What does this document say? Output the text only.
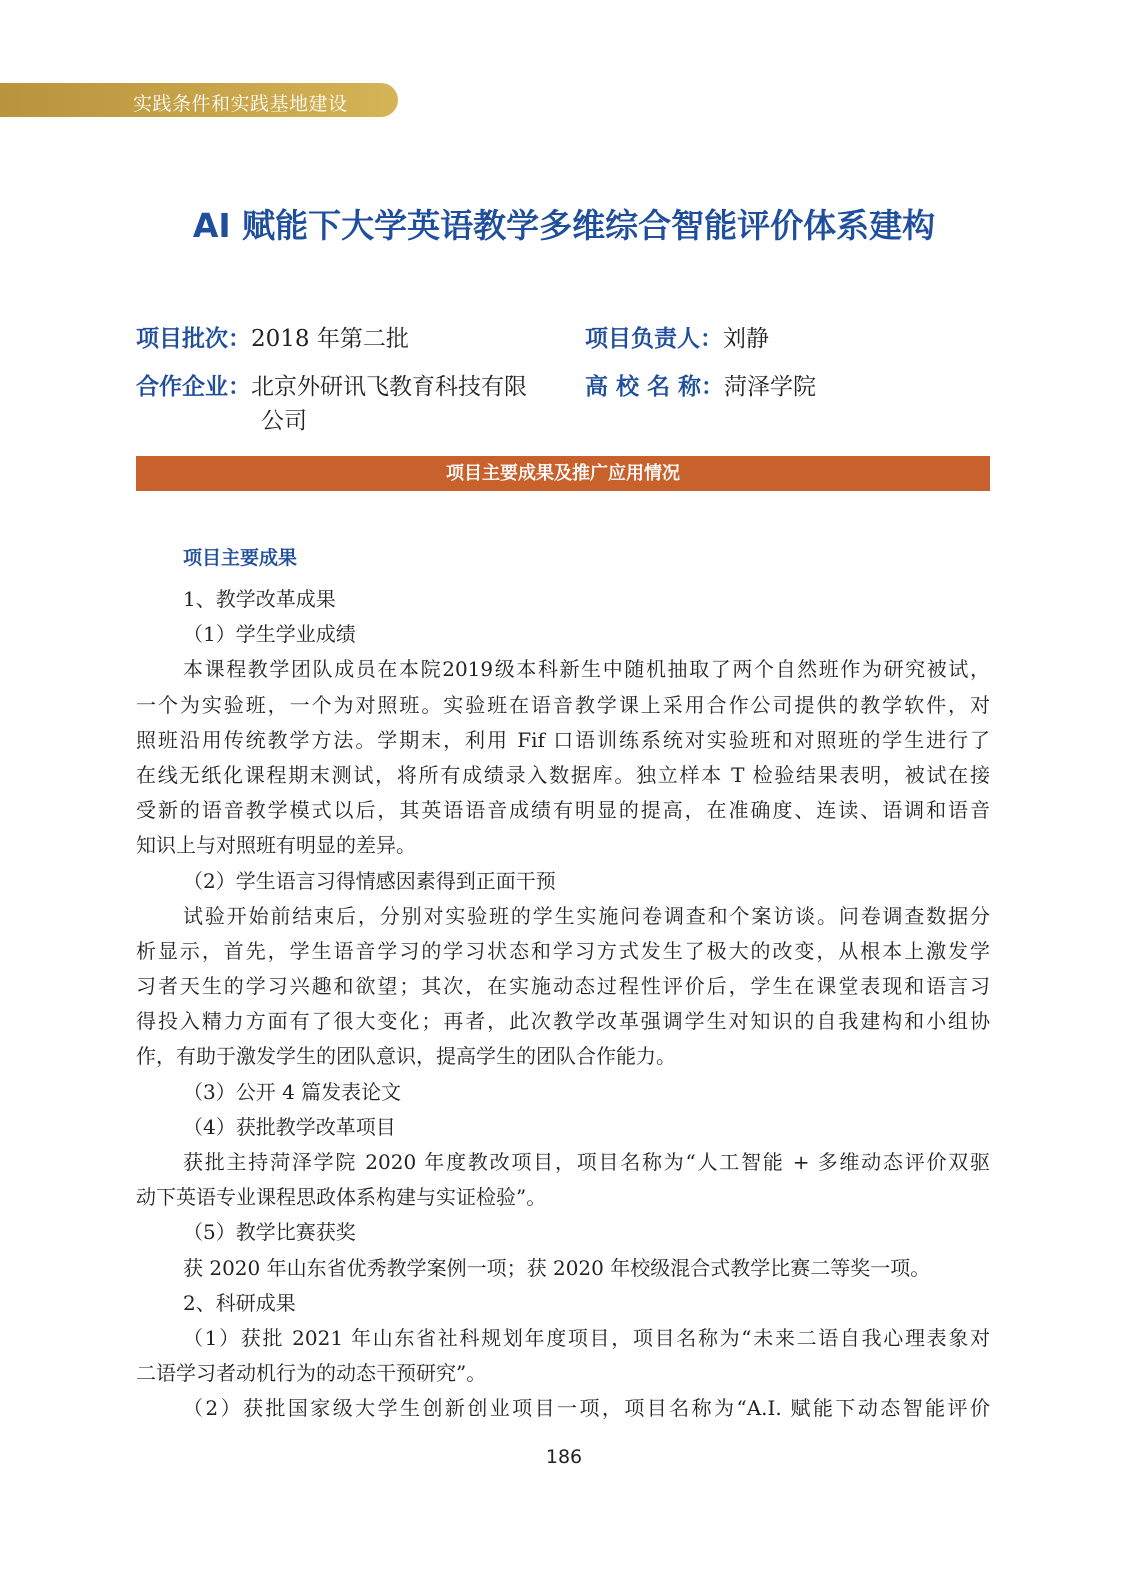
实践条件和实践基地建设
AI 赋能下大学英语教学多维综合智能评价体系建构
项目批次：2018 年第二批	项目负责人：刘静
合作企业：北京外研讯飞教育科技有限
公司
高 校 名 称：菏泽学院
项目主要成果及推广应用情况
项目主要成果
1、教学改革成果
（1）学生学业成绩
本课程教学团队成员在本院2019级本科新生中随机抽取了两个自然班作为研究被试，
一个为实验班，一个为对照班。实验班在语音教学课上采用合作公司提供的教学软件，对
照班沿用传统教学方法。学期末，利用 Fif 口语训练系统对实验班和对照班的学生进行了
在线无纸化课程期末测试，将所有成绩录入数据库。独立样本 T 检验结果表明，被试在接
受新的语音教学模式以后，其英语语音成绩有明显的提高，在准确度、连读、语调和语音
知识上与对照班有明显的差异。
（2）学生语言习得情感因素得到正面干预
试验开始前结束后，分别对实验班的学生实施问卷调查和个案访谈。问卷调查数据分
析显示，首先，学生语音学习的学习状态和学习方式发生了极大的改变，从根本上激发学
习者天生的学习兴趣和欲望；其次，在实施动态过程性评价后，学生在课堂表现和语言习
得投入精力方面有了很大变化；再者，此次教学改革强调学生对知识的自我建构和小组协
作，有助于激发学生的团队意识，提高学生的团队合作能力。
（3）公开 4 篇发表论文
（4）获批教学改革项目
获批主持菏泽学院 2020 年度教改项目，项目名称为“人工智能 + 多维动态评价双驱
动下英语专业课程思政体系构建与实证检验”。
（5）教学比赛获奖
获 2020 年山东省优秀教学案例一项；获 2020 年校级混合式教学比赛二等奖一项。
2、科研成果
（1）获批 2021 年山东省社科规划年度项目，项目名称为“未来二语自我心理表象对
二语学习者动机行为的动态干预研究”。
（2）获批国家级大学生创新创业项目一项，项目名称为“A.I. 赋能下动态智能评价
186
